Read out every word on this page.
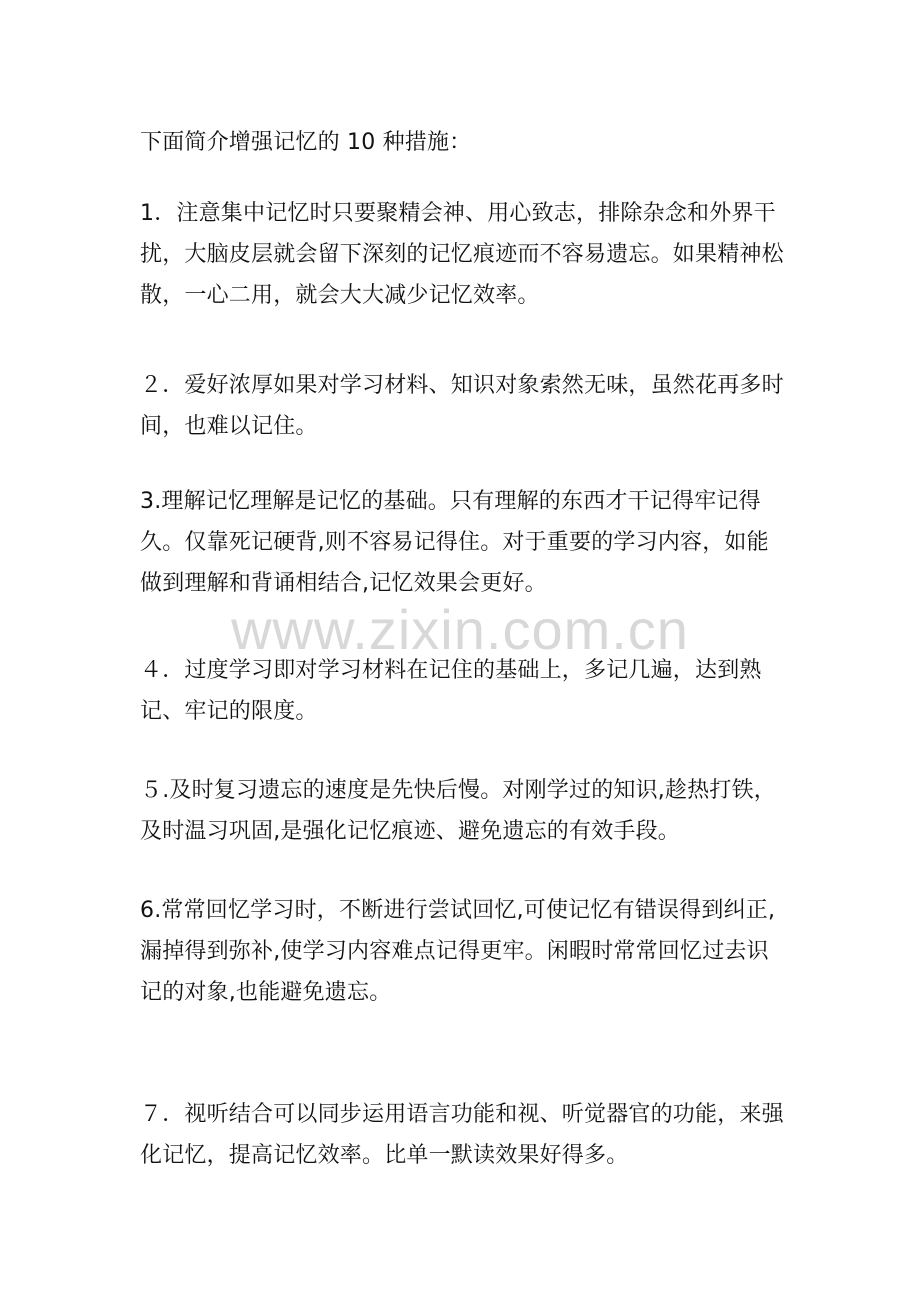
下面简介增强记忆的 10 种措施：

1．注意集中记忆时只要聚精会神、用心致志，排除杂念和外界干扰，大脑皮层就会留下深刻的记忆痕迹而不容易遗忘。如果精神松散，一心二用，就会大大减少记忆效率。

２．爱好浓厚如果对学习材料、知识对象索然无味，虽然花再多时间，也难以记住。

3.理解记忆理解是记忆的基础。只有理解的东西才干记得牢记得久。仅靠死记硬背,则不容易记得住。对于重要的学习内容，如能做到理解和背诵相结合,记忆效果会更好。

４．过度学习即对学习材料在记住的基础上，多记几遍，达到熟记、牢记的限度。

５.及时复习遗忘的速度是先快后慢。对刚学过的知识,趁热打铁，及时温习巩固,是强化记忆痕迹、避免遗忘的有效手段。

6.常常回忆学习时，不断进行尝试回忆,可使记忆有错误得到纠正,漏掉得到弥补,使学习内容难点记得更牢。闲暇时常常回忆过去识记的对象,也能避免遗忘。

７．视听结合可以同步运用语言功能和视、听觉器官的功能，来强化记忆，提高记忆效率。比单一默读效果好得多。

www.zixin.com.cn
